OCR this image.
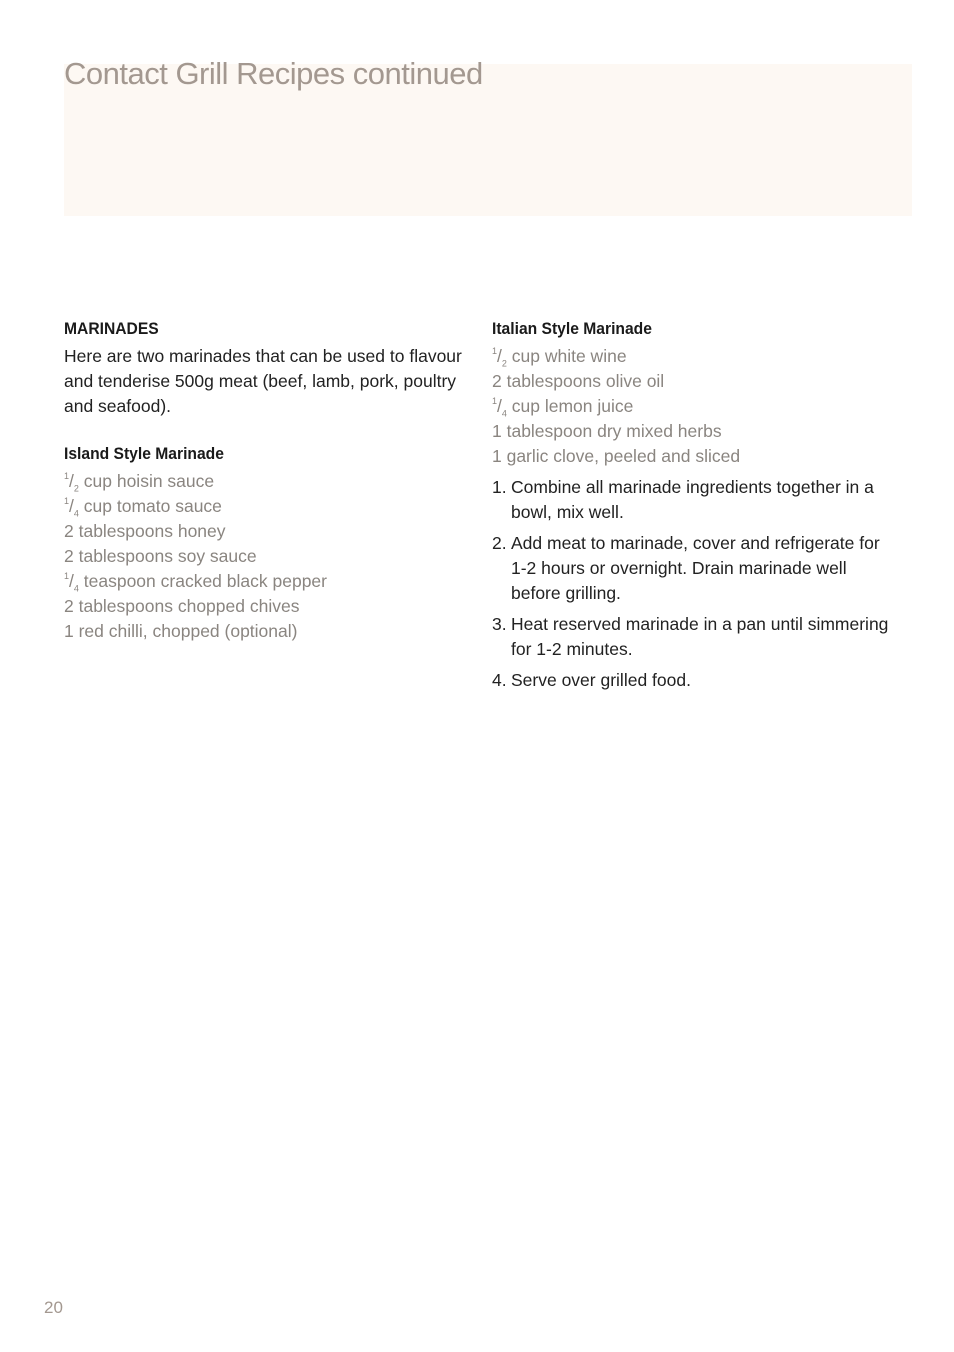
Contact Grill Recipes continued
MARINADES

Here are two marinades that can be used to flavour and tenderise 500g meat (beef, lamb, pork, poultry and seafood).

Island Style Marinade
$^1/_2$ cup hoisin sauce
$^1/_4$ cup tomato sauce
2 tablespoons honey
2 tablespoons soy sauce
$^1/_4$ teaspoon cracked black pepper
2 tablespoons chopped chives
1 red chilli, chopped (optional)
Italian Style Marinade
$^1/_2$ cup white wine
2 tablespoons olive oil
$^1/_4$ cup lemon juice
1 tablespoon dry mixed herbs
1 garlic clove, peeled and sliced
1. Combine all marinade ingredients together in a bowl, mix well.
2. Add meat to marinade, cover and refrigerate for 1-2 hours or overnight. Drain marinade well before grilling.
3. Heat reserved marinade in a pan until simmering for 1-2 minutes.
4. Serve over grilled food.
20
